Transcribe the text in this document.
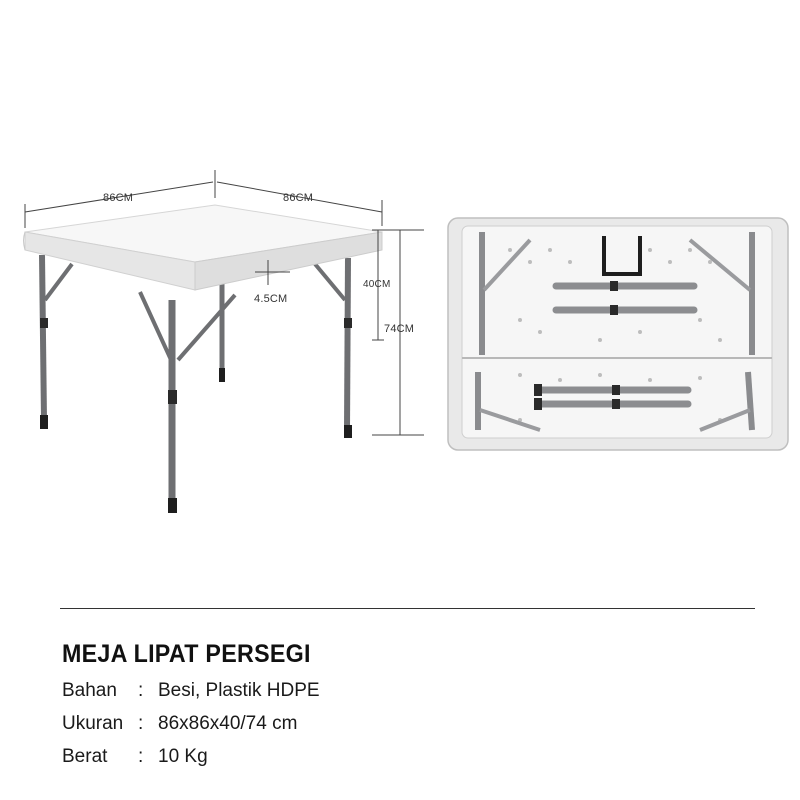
86CM	86CM
4.5CM
40CM
74CM
MEJA LIPAT PERSEGI
Bahan : Besi, Plastik HDPE
Ukuran : 86x86x40/74 cm
Berat : 10 Kg
